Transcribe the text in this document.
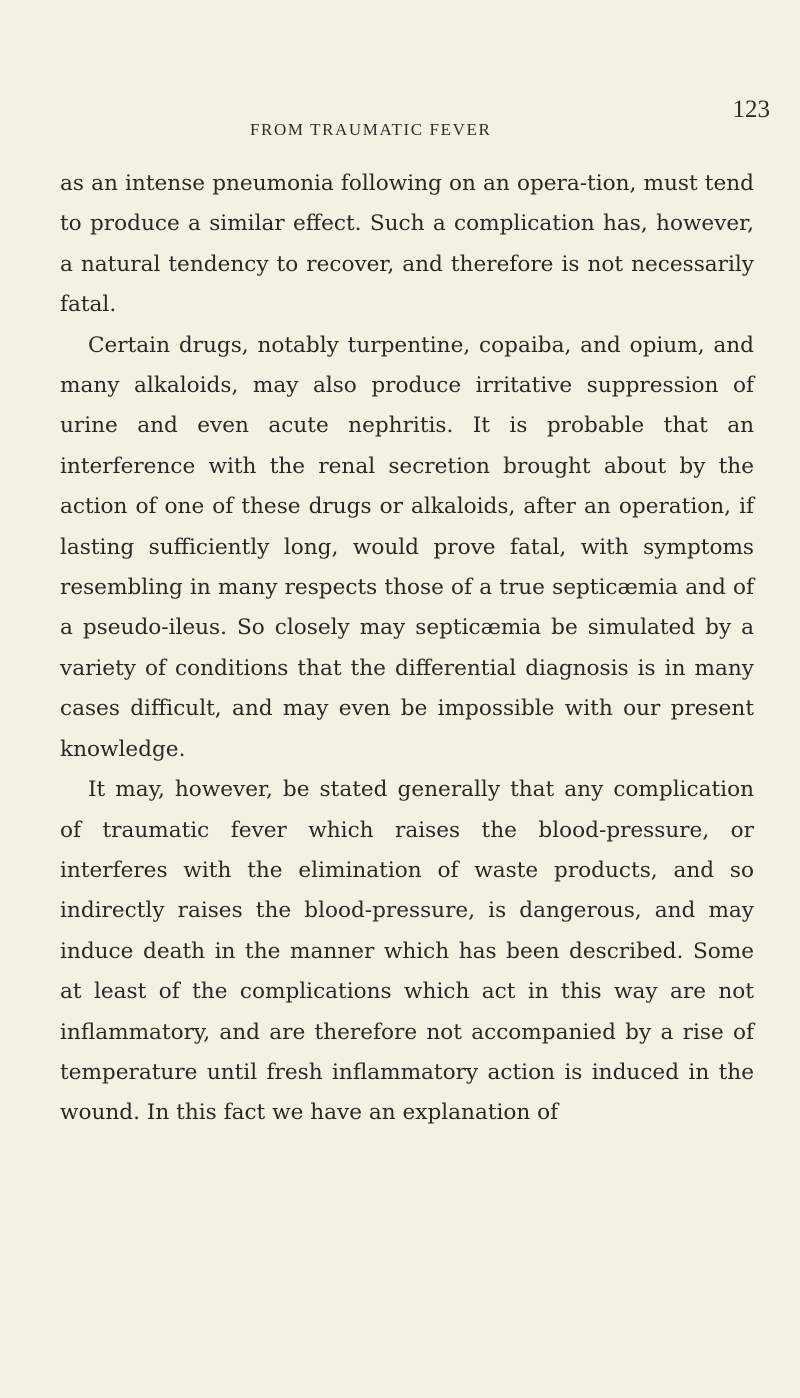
FROM TRAUMATIC FEVER
123

as an intense pneumonia following on an opera-tion, must tend to produce a similar effect. Such a complication has, however, a natural tendency to recover, and therefore is not necessarily fatal.

Certain drugs, notably turpentine, copaiba, and opium, and many alkaloids, may also produce irritative suppression of urine and even acute nephritis. It is probable that an interference with the renal secretion brought about by the action of one of these drugs or alkaloids, after an operation, if lasting sufficiently long, would prove fatal, with symptoms resembling in many respects those of a true septicæmia and of a pseudo-ileus. So closely may septicæmia be simulated by a variety of conditions that the differential diagnosis is in many cases difficult, and may even be impossible with our present knowledge.

It may, however, be stated generally that any complication of traumatic fever which raises the blood-pressure, or interferes with the elimination of waste products, and so indirectly raises the blood-pressure, is dangerous, and may induce death in the manner which has been described. Some at least of the complications which act in this way are not inflammatory, and are therefore not accompanied by a rise of temperature until fresh inflammatory action is induced in the wound. In this fact we have an explanation of
